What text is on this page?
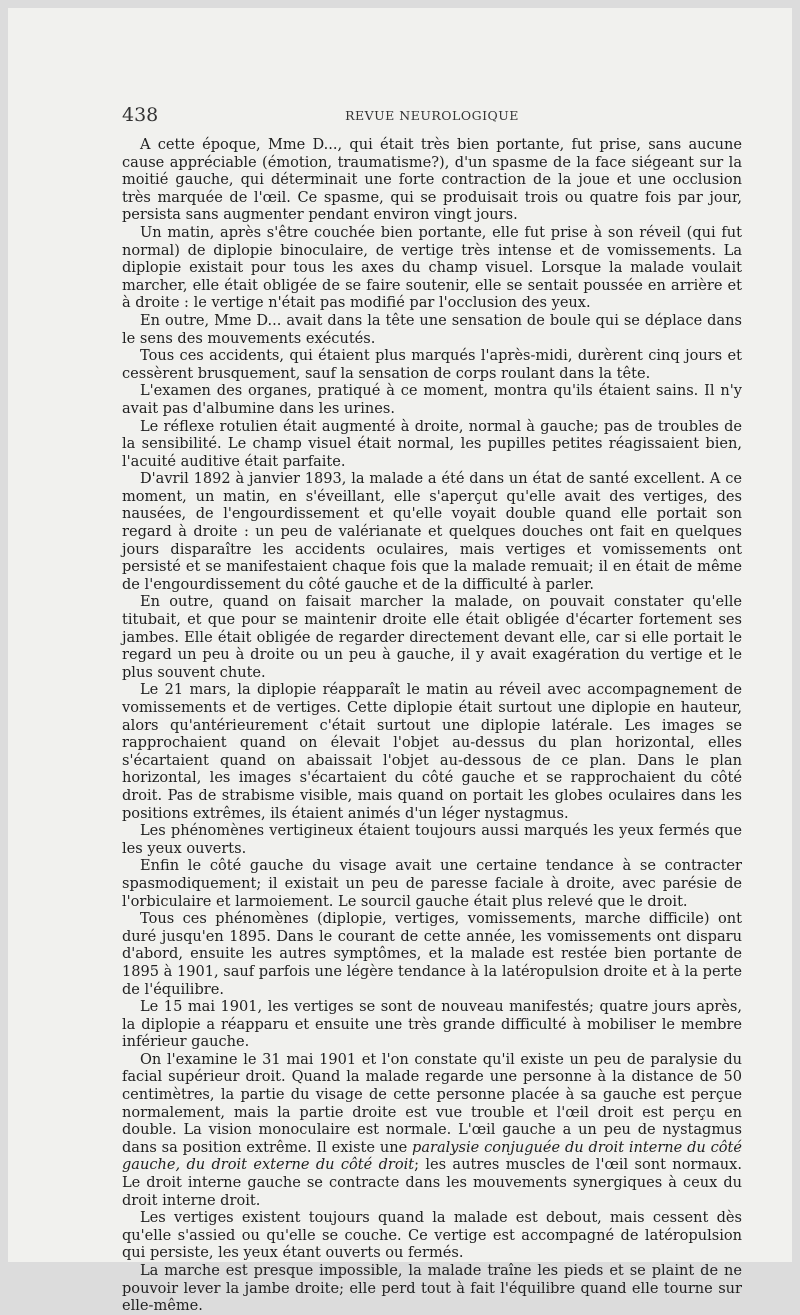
438	REVUE NEUROLOGIQUE

A cette époque, Mme D..., qui était très bien portante, fut prise, sans aucune cause appréciable (émotion, traumatisme?), d'un spasme de la face siégeant sur la moitié gauche, qui déterminait une forte contraction de la joue et une occlusion très marquée de l'œil. Ce spasme, qui se produisait trois ou quatre fois par jour, persista sans augmenter pendant environ vingt jours.

Un matin, après s'être couchée bien portante, elle fut prise à son réveil (qui fut normal) de diplopie binoculaire, de vertige très intense et de vomissements. La diplopie existait pour tous les axes du champ visuel. Lorsque la malade voulait marcher, elle était obligée de se faire soutenir, elle se sentait poussée en arrière et à droite : le vertige n'était pas modifié par l'occlusion des yeux.

En outre, Mme D... avait dans la tête une sensation de boule qui se déplace dans le sens des mouvements exécutés.

Tous ces accidents, qui étaient plus marqués l'après-midi, durèrent cinq jours et cessèrent brusquement, sauf la sensation de corps roulant dans la tête.

L'examen des organes, pratiqué à ce moment, montra qu'ils étaient sains. Il n'y avait pas d'albumine dans les urines.

Le réflexe rotulien était augmenté à droite, normal à gauche; pas de troubles de la sensibilité. Le champ visuel était normal, les pupilles petites réagissaient bien, l'acuité auditive était parfaite.

D'avril 1892 à janvier 1893, la malade a été dans un état de santé excellent. A ce moment, un matin, en s'éveillant, elle s'aperçut qu'elle avait des vertiges, des nausées, de l'engourdissement et qu'elle voyait double quand elle portait son regard à droite : un peu de valérianate et quelques douches ont fait en quelques jours disparaître les accidents oculaires, mais vertiges et vomissements ont persisté et se manifestaient chaque fois que la malade remuait; il en était de même de l'engourdissement du côté gauche et de la difficulté à parler.

En outre, quand on faisait marcher la malade, on pouvait constater qu'elle titubait, et que pour se maintenir droite elle était obligée d'écarter fortement ses jambes. Elle était obligée de regarder directement devant elle, car si elle portait le regard un peu à droite ou un peu à gauche, il y avait exagération du vertige et le plus souvent chute.

Le 21 mars, la diplopie réapparaît le matin au réveil avec accompagnement de vomissements et de vertiges. Cette diplopie était surtout une diplopie en hauteur, alors qu'antérieurement c'était surtout une diplopie latérale. Les images se rapprochaient quand on élevait l'objet au-dessus du plan horizontal, elles s'écartaient quand on abaissait l'objet au-dessous de ce plan. Dans le plan horizontal, les images s'écartaient du côté gauche et se rapprochaient du côté droit. Pas de strabisme visible, mais quand on portait les globes oculaires dans les positions extrêmes, ils étaient animés d'un léger nystagmus.

Les phénomènes vertigineux étaient toujours aussi marqués les yeux fermés que les yeux ouverts.

Enfin le côté gauche du visage avait une certaine tendance à se contracter spasmodiquement; il existait un peu de paresse faciale à droite, avec parésie de l'orbiculaire et larmoiement. Le sourcil gauche était plus relevé que le droit.

Tous ces phénomènes (diplopie, vertiges, vomissements, marche difficile) ont duré jusqu'en 1895. Dans le courant de cette année, les vomissements ont disparu d'abord, ensuite les autres symptômes, et la malade est restée bien portante de 1895 à 1901, sauf parfois une légère tendance à la latéropulsion droite et à la perte de l'équilibre.

Le 15 mai 1901, les vertiges se sont de nouveau manifestés; quatre jours après, la diplopie a réapparu et ensuite une très grande difficulté à mobiliser le membre inférieur gauche.

On l'examine le 31 mai 1901 et l'on constate qu'il existe un peu de paralysie du facial supérieur droit. Quand la malade regarde une personne à la distance de 50 centimètres, la partie du visage de cette personne placée à sa gauche est perçue normalement, mais la partie droite est vue trouble et l'œil droit est perçu en double. La vision monoculaire est normale. L'œil gauche a un peu de nystagmus dans sa position extrême. Il existe une paralysie conjuguée du droit interne du côté gauche, du droit externe du côté droit; les autres muscles de l'œil sont normaux. Le droit interne gauche se contracte dans les mouvements synergiques à ceux du droit interne droit.

Les vertiges existent toujours quand la malade est debout, mais cessent dès qu'elle s'assied ou qu'elle se couche. Ce vertige est accompagné de latéropulsion qui persiste, les yeux étant ouverts ou fermés.

La marche est presque impossible, la malade traîne les pieds et se plaint de ne pouvoir lever la jambe droite; elle perd tout à fait l'équilibre quand elle tourne sur elle-même.
